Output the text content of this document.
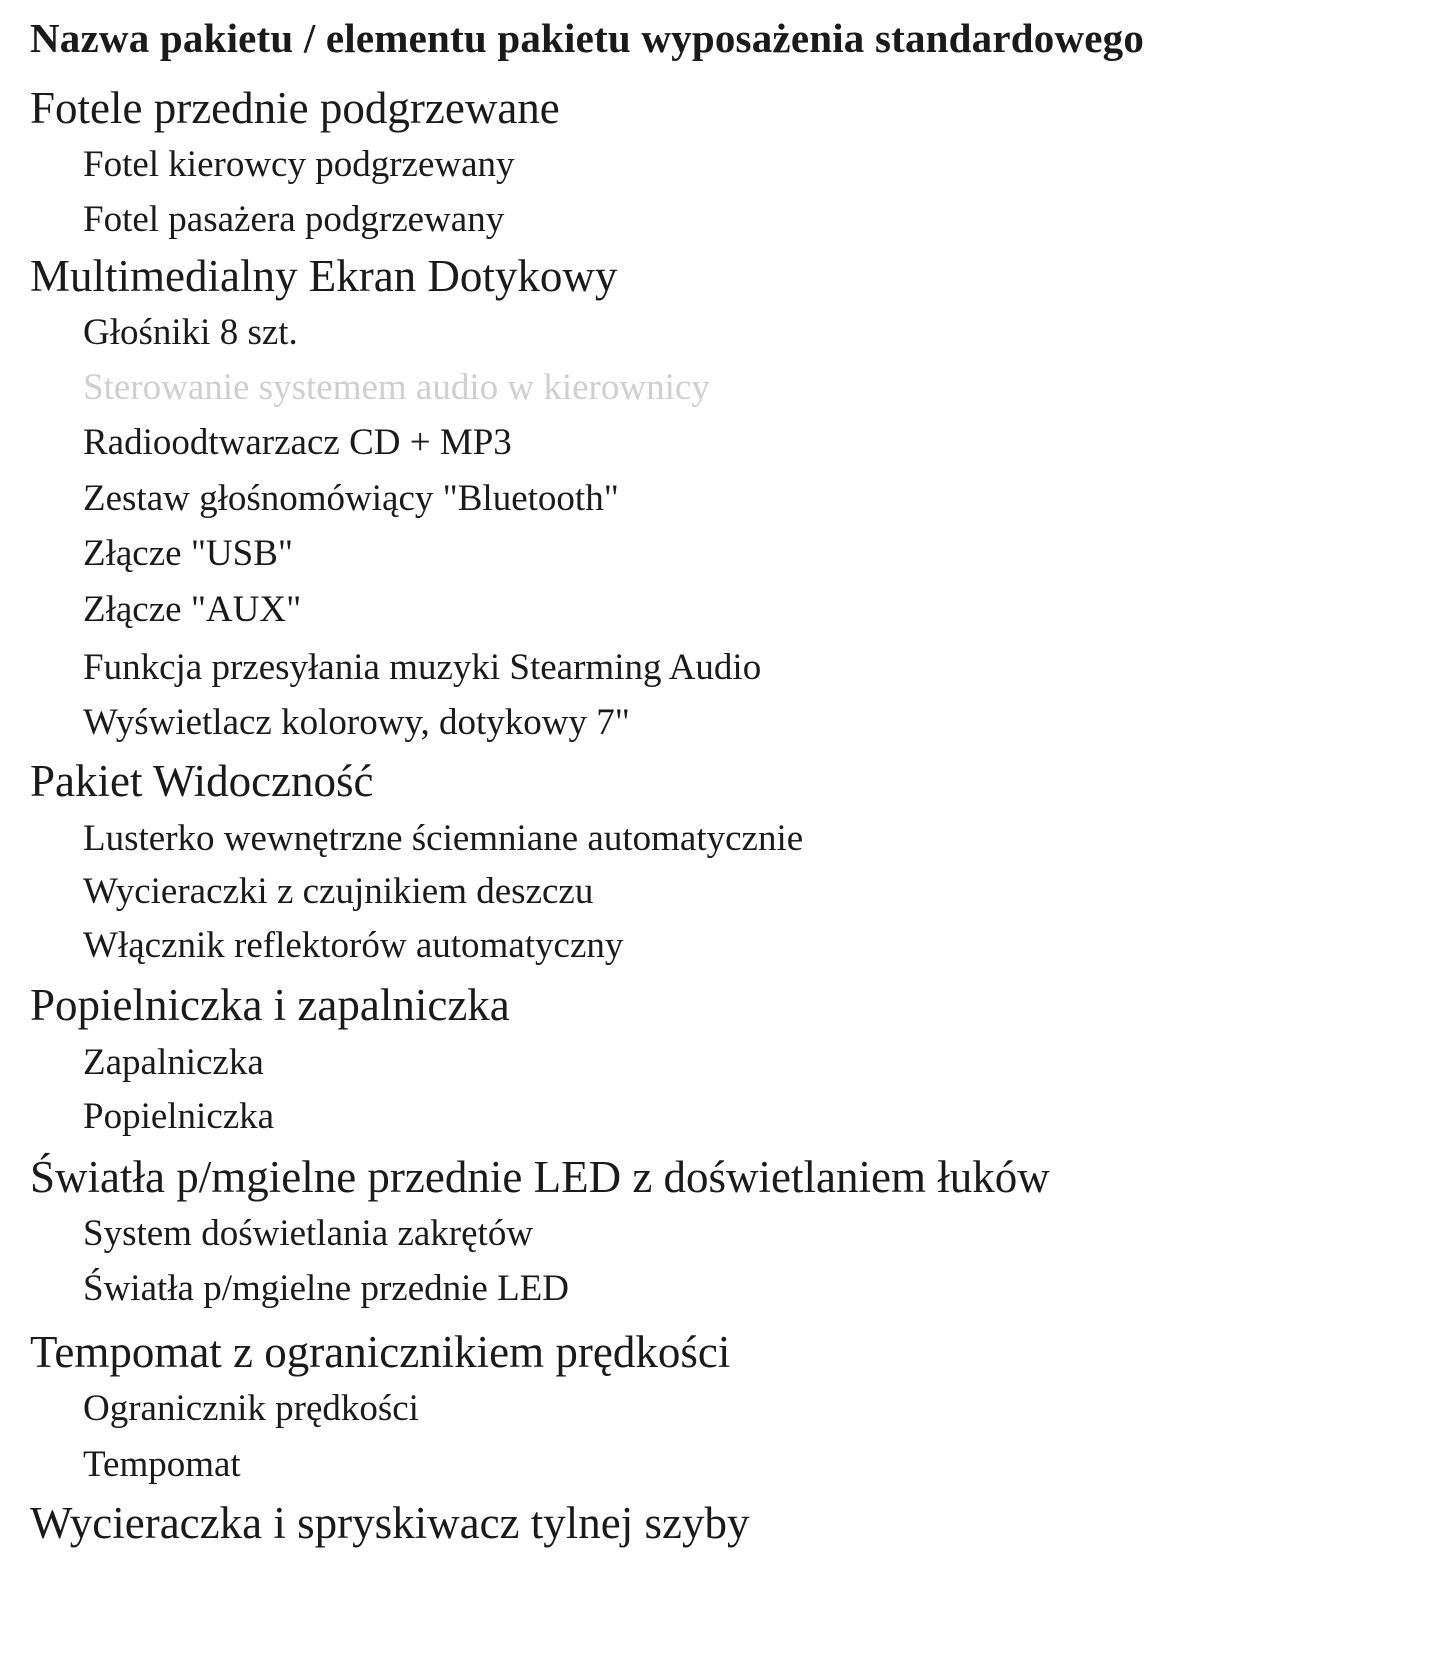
Nazwa pakietu / elementu pakietu wyposażenia standardowego
Fotele przednie podgrzewane
Fotel kierowcy podgrzewany
Fotel pasażera podgrzewany
Multimedialny Ekran Dotykowy
Głośniki 8 szt.
Sterowanie systemem audio w kierownicy
Radioodtwarzacz CD + MP3
Zestaw głośnomówiący "Bluetooth"
Złącze "USB"
Złącze "AUX"
Funkcja przesyłania muzyki Stearming Audio
Wyświetlacz kolorowy, dotykowy 7"
Pakiet Widoczność
Lusterko wewnętrzne ściemniane automatycznie
Wycieraczki z czujnikiem deszczu
Włącznik reflektorów automatyczny
Popielniczka i zapalniczka
Zapalniczka
Popielniczka
Światła p/mgielne przednie LED z doświetlaniem łuków
System doświetlania zakrętów
Światła p/mgielne przednie LED
Tempomat z ogranicznikiem prędkości
Ogranicznik prędkości
Tempomat
Wycieraczka i spryskiwacz tylnej szyby
